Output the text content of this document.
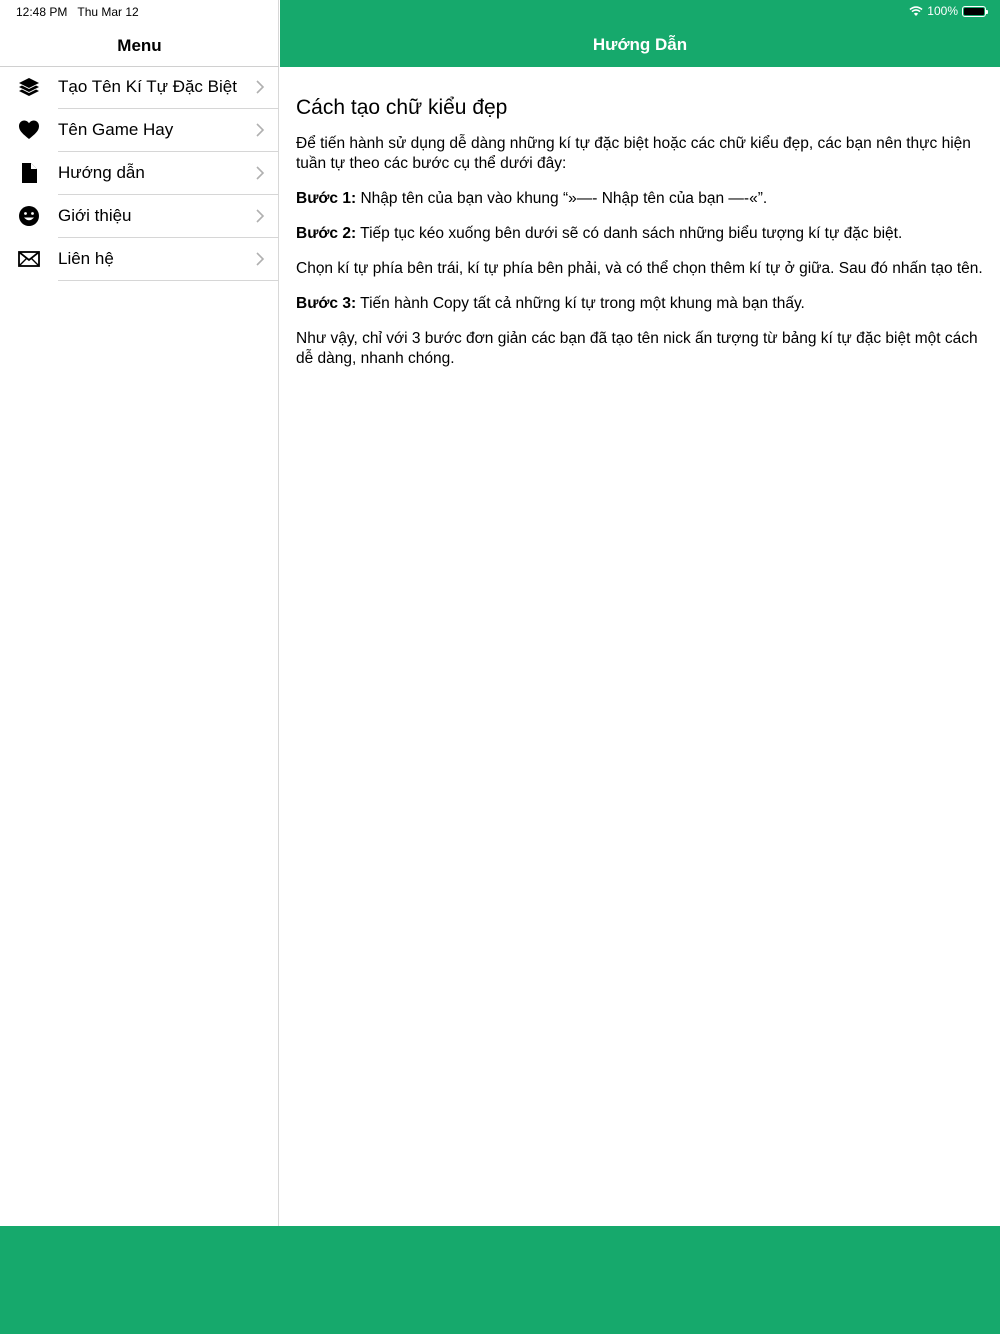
12:48 PM Thu Mar 12
Menu
Tạo Tên Kí Tự Đặc Biệt
Tên Game Hay
Hướng dẫn
Giới thiệu
Liên hệ
100%
Hướng Dẫn
Cách tạo chữ kiểu đẹp

Để tiến hành sử dụng dễ dàng những kí tự đặc biệt hoặc các chữ kiểu đẹp, các bạn nên thực hiện tuần tự theo các bước cụ thể dưới đây:

Bước 1: Nhập tên của bạn vào khung “»—- Nhập tên của bạn —-«”.

Bước 2: Tiếp tục kéo xuống bên dưới sẽ có danh sách những biểu tượng kí tự đặc biệt.

Chọn kí tự phía bên trái, kí tự phía bên phải, và có thể chọn thêm kí tự ở giữa. Sau đó nhấn tạo tên.

Bước 3: Tiến hành Copy tất cả những kí tự trong một khung mà bạn thấy.

Như vậy, chỉ với 3 bước đơn giản các bạn đã tạo tên nick ấn tượng từ bảng kí tự đặc biệt một cách dễ dàng, nhanh chóng.
